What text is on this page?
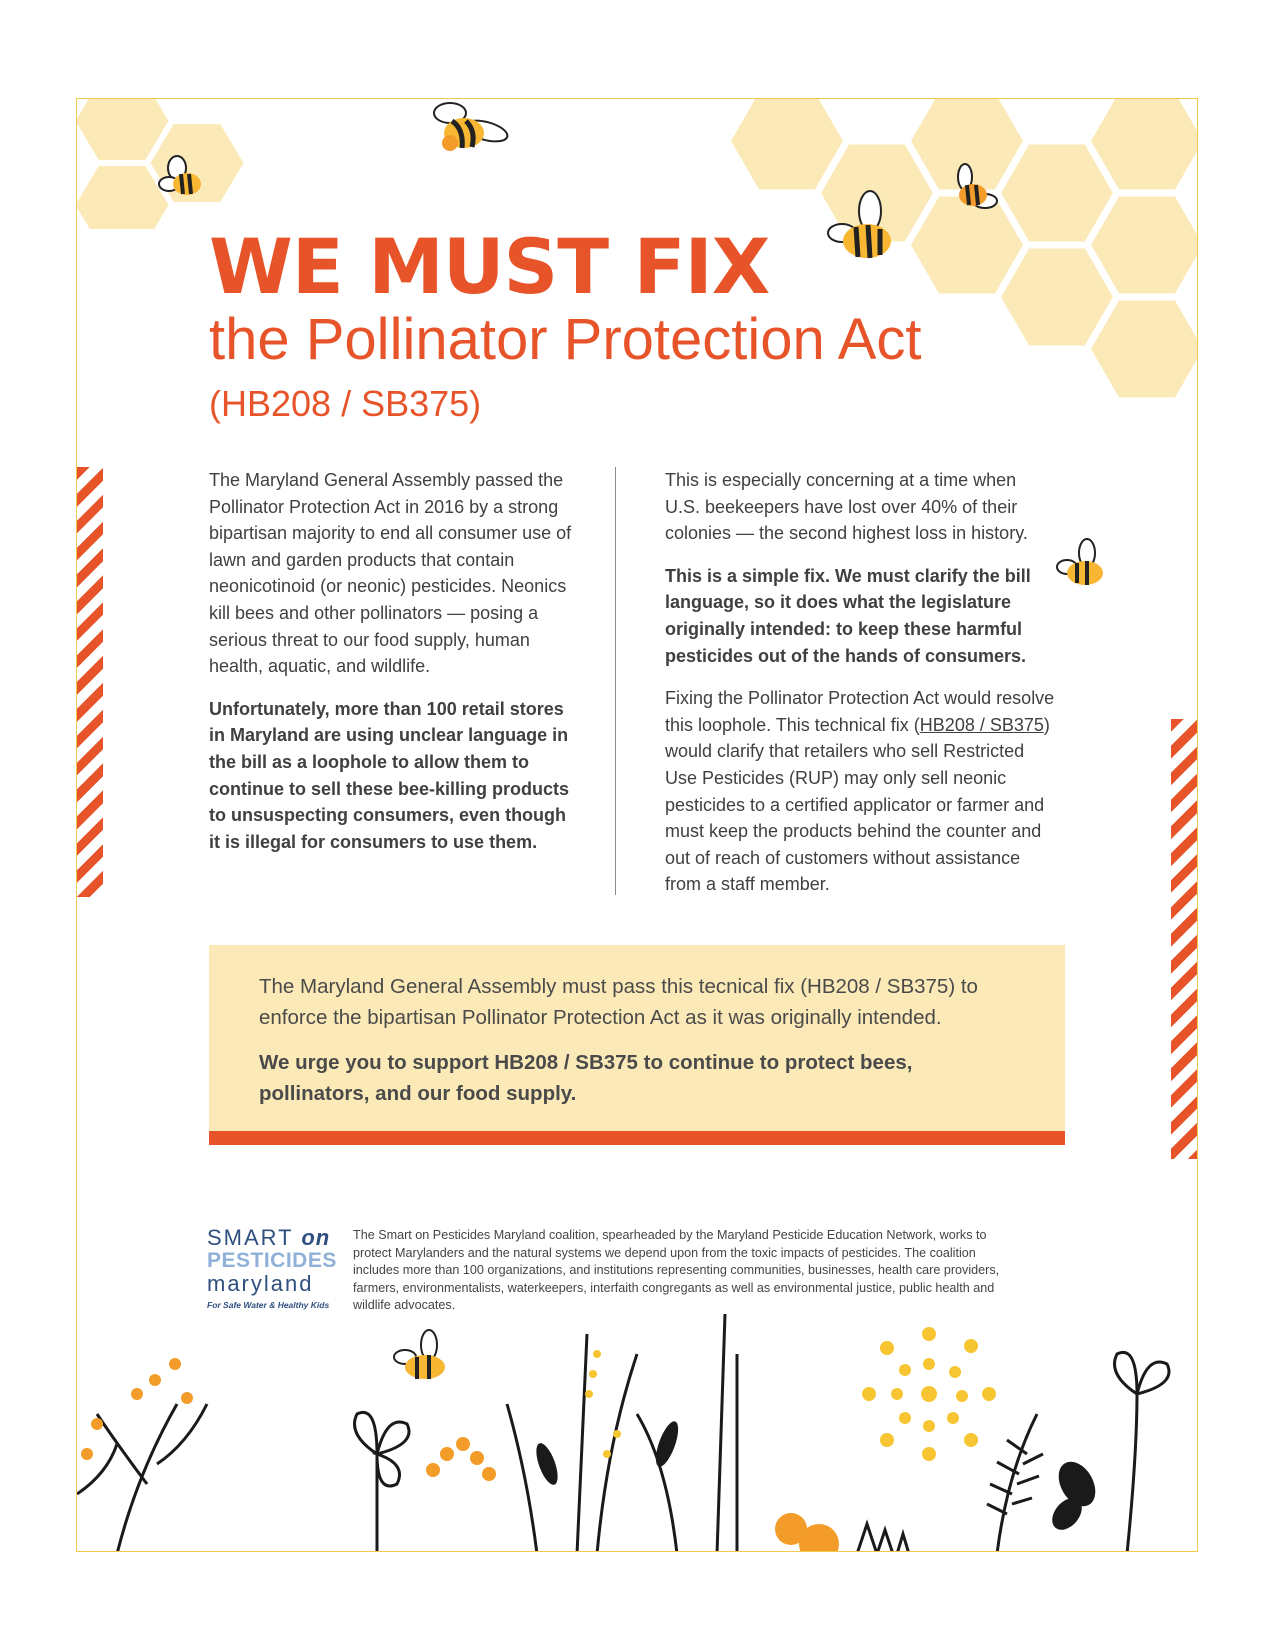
WE MUST FIX
the Pollinator Protection Act
(HB208 / SB375)

The Maryland General Assembly passed the Pollinator Protection Act in 2016 by a strong bipartisan majority to end all consumer use of lawn and garden products that contain neonicotinoid (or neonic) pesticides. Neonics kill bees and other pollinators — posing a serious threat to our food supply, human health, aquatic, and wildlife.

Unfortunately, more than 100 retail stores in Maryland are using unclear language in the bill as a loophole to allow them to continue to sell these bee-killing products to unsuspecting consumers, even though it is illegal for consumers to use them.

This is especially concerning at a time when U.S. beekeepers have lost over 40% of their colonies — the second highest loss in history.

This is a simple fix. We must clarify the bill language, so it does what the legislature originally intended: to keep these harmful pesticides out of the hands of consumers.

Fixing the Pollinator Protection Act would resolve this loophole. This technical fix (HB208 / SB375) would clarify that retailers who sell Restricted Use Pesticides (RUP) may only sell neonic pesticides to a certified applicator or farmer and must keep the products behind the counter and out of reach of customers without assistance from a staff member.

The Maryland General Assembly must pass this tecnical fix (HB208 / SB375) to enforce the bipartisan Pollinator Protection Act as it was originally intended.

We urge you to support HB208 / SB375 to continue to protect bees, pollinators, and our food supply.

SMART on
PESTICIDES
maryland
For Safe Water & Healthy Kids
The Smart on Pesticides Maryland coalition, spearheaded by the Maryland Pesticide Education Network, works to protect Marylanders and the natural systems we depend upon from the toxic impacts of pesticides. The coalition includes more than 100 organizations, and institutions representing communities, businesses, health care providers, farmers, environmentalists, waterkeepers, interfaith congregants as well as environmental justice, public health and wildlife advocates.
